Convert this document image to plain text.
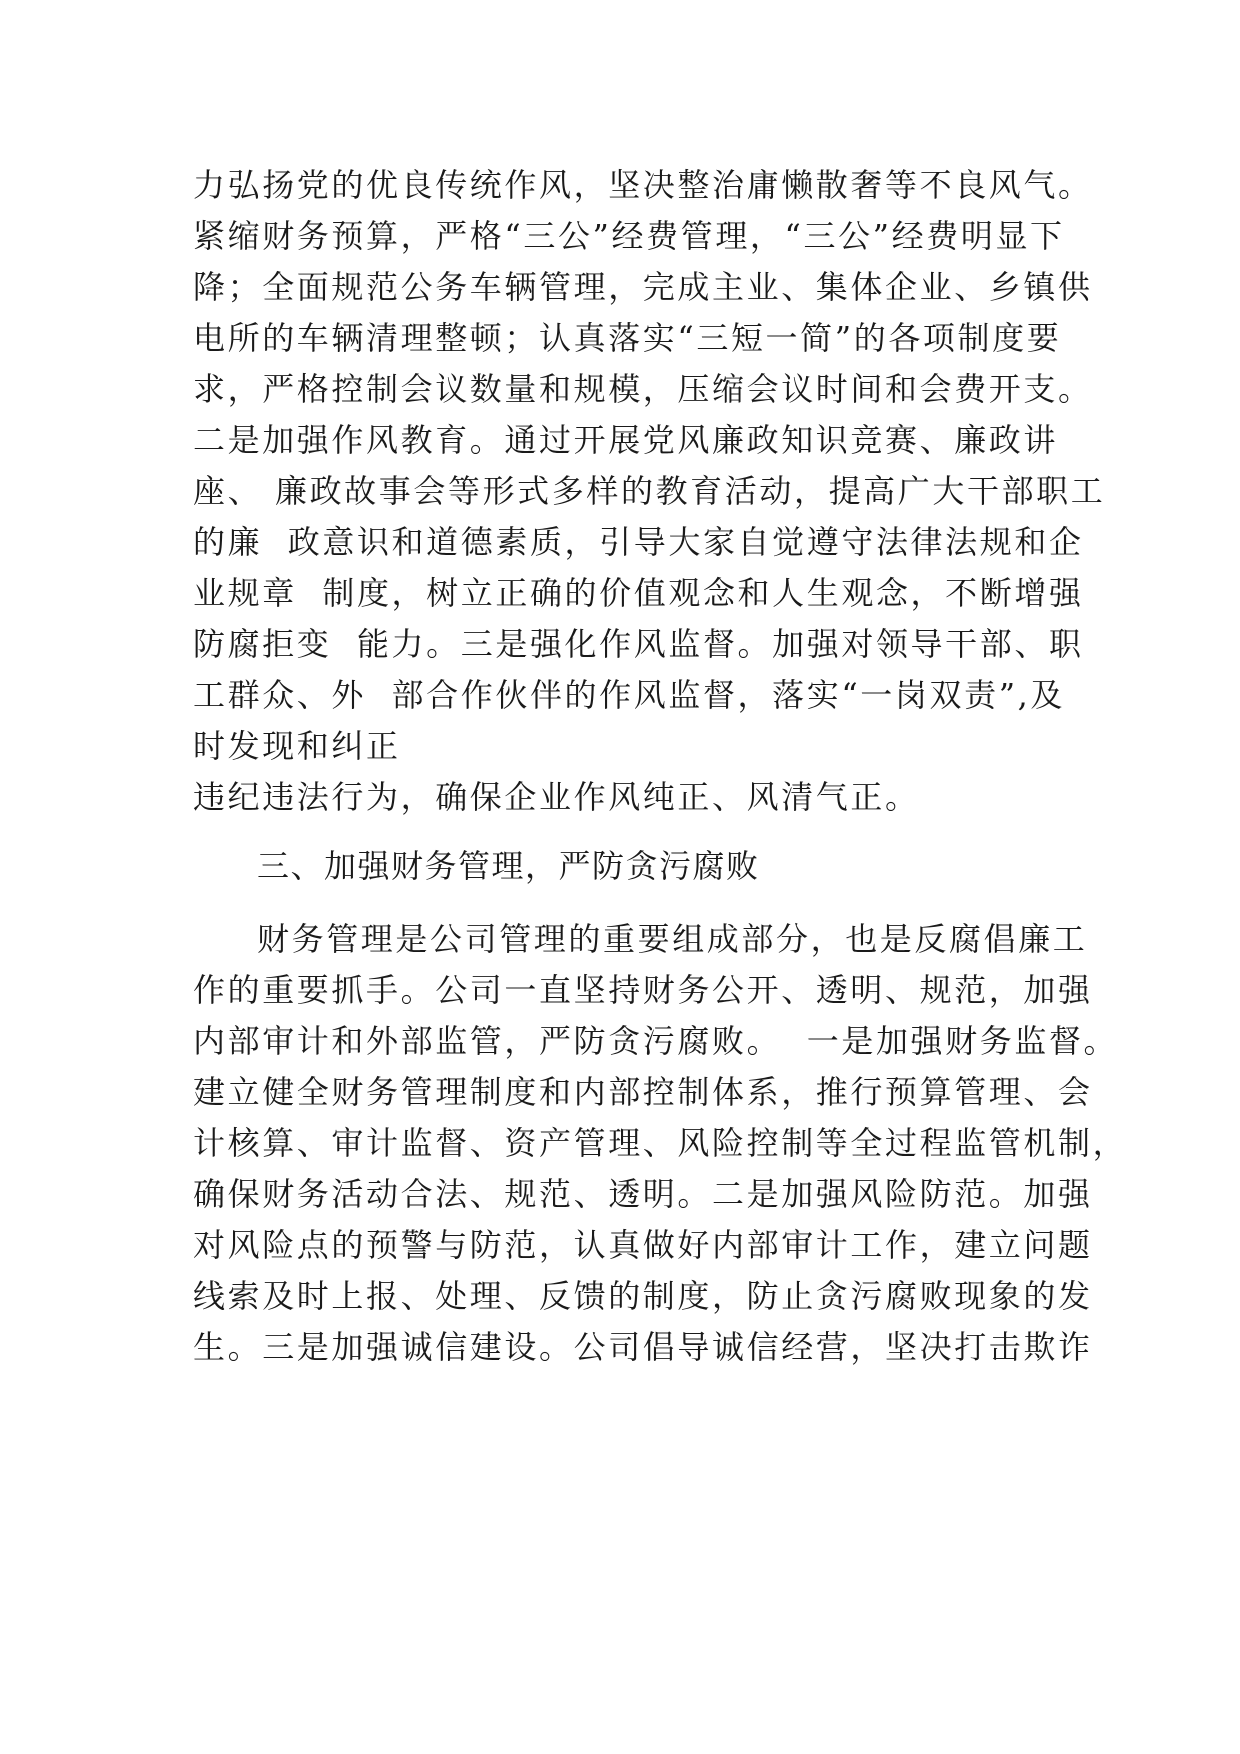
力弘扬党的优良传统作风，坚决整治庸懒散奢等不良风气。
紧缩财务预算，严格“三公”经费管理，“三公”经费明显下
降；全面规范公务车辆管理，完成主业、集体企业、乡镇供
电所的车辆清理整顿；认真落实“三短一简”的各项制度要
求，严格控制会议数量和规模，压缩会议时间和会费开支。
二是加强作风教育。通过开展党风廉政知识竞赛、廉政讲
座、 廉政故事会等形式多样的教育活动，提高广大干部职工
的廉  政意识和道德素质，引导大家自觉遵守法律法规和企
业规章  制度，树立正确的价值观念和人生观念，不断增强
防腐拒变  能力。三是强化作风监督。加强对领导干部、职
工群众、外  部合作伙伴的作风监督，落实“一岗双责”,及
时发现和纠正
违纪违法行为，确保企业作风纯正、风清气正。
三、加强财务管理，严防贪污腐败
财务管理是公司管理的重要组成部分，也是反腐倡廉工
作的重要抓手。公司一直坚持财务公开、透明、规范，加强
内部审计和外部监管，严防贪污腐败。  一是加强财务监督。
建立健全财务管理制度和内部控制体系，推行预算管理、会
计核算、审计监督、资产管理、风险控制等全过程监管机制，
确保财务活动合法、规范、透明。二是加强风险防范。加强
对风险点的预警与防范，认真做好内部审计工作，建立问题
线索及时上报、处理、反馈的制度，防止贪污腐败现象的发
生。三是加强诚信建设。公司倡导诚信经营，坚决打击欺诈
